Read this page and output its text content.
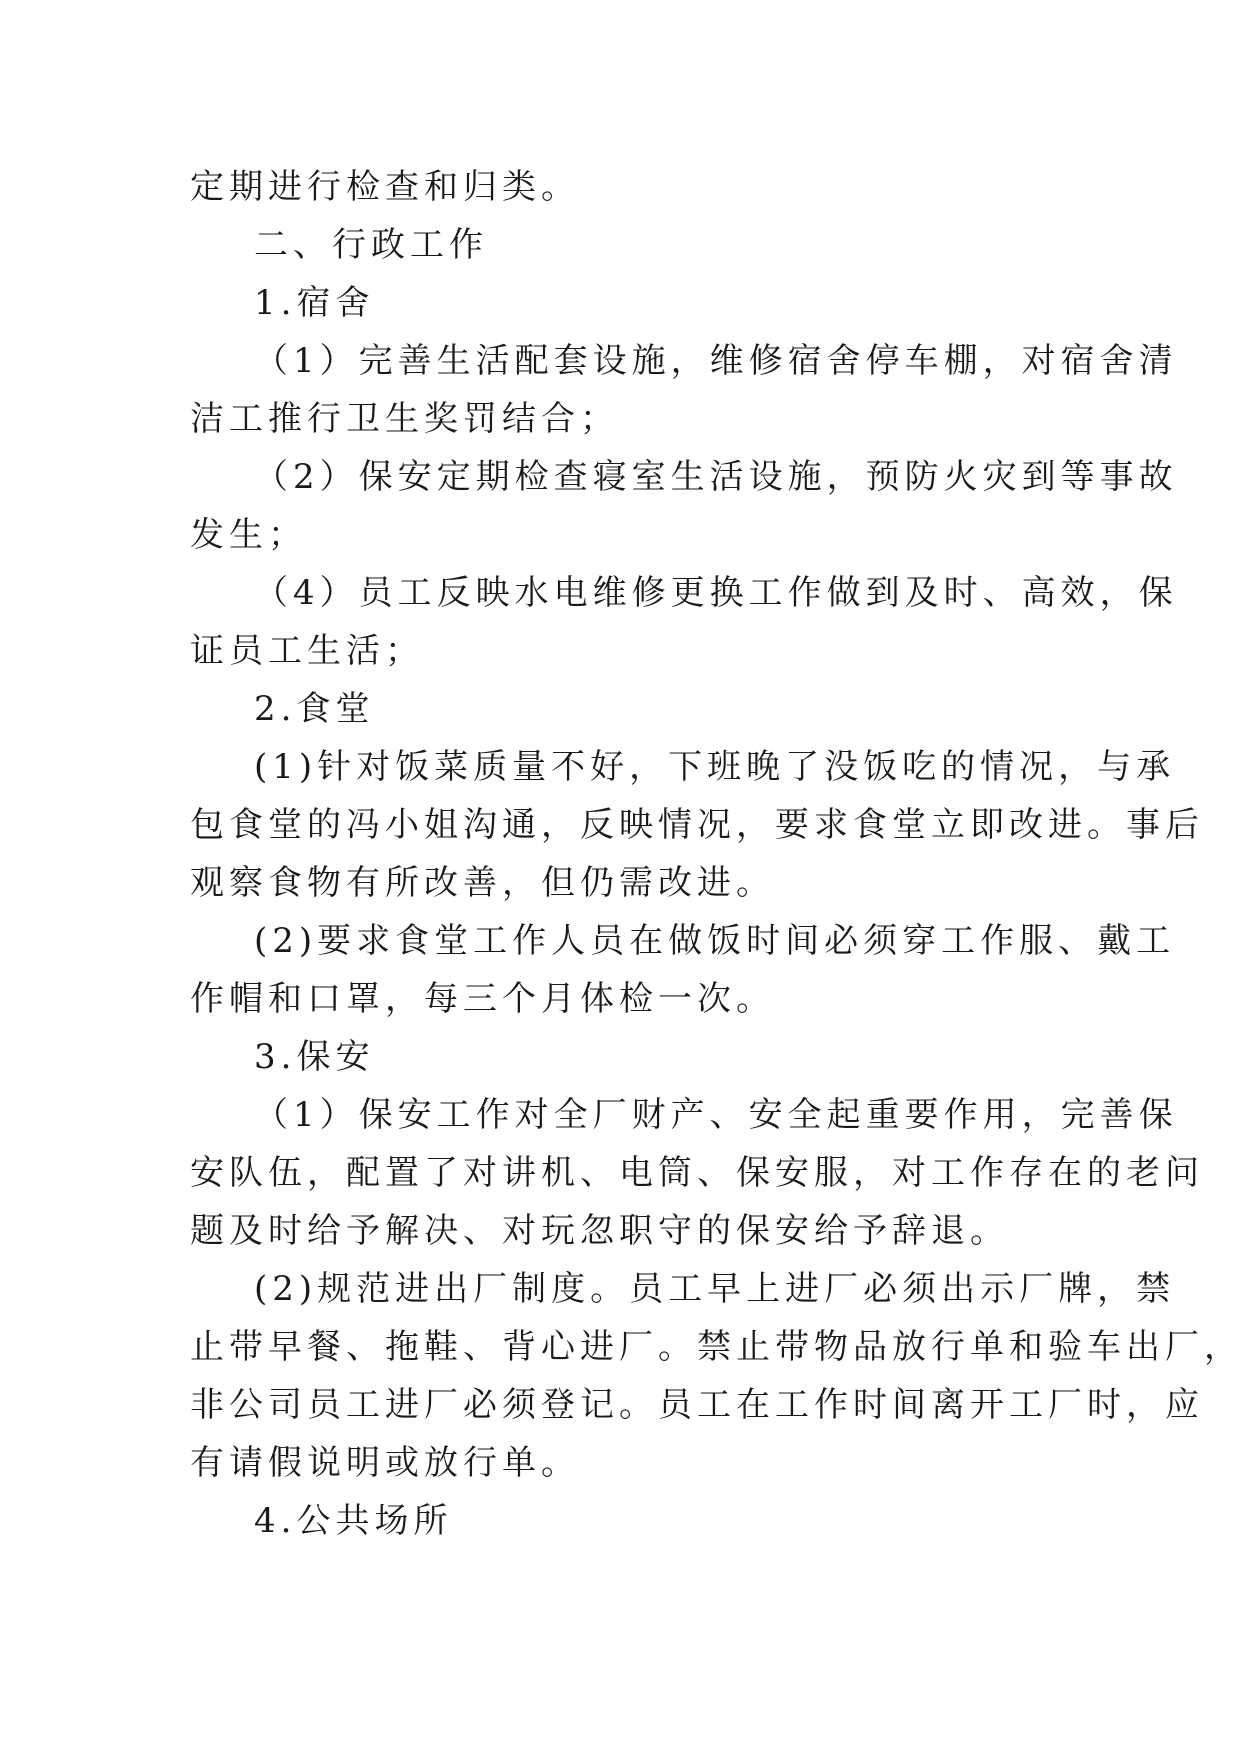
定期进行检查和归类。
二、行政工作
1.宿舍
（1）完善生活配套设施，维修宿舍停车棚，对宿舍清
洁工推行卫生奖罚结合；
（2）保安定期检查寝室生活设施，预防火灾到等事故
发生；
（4）员工反映水电维修更换工作做到及时、高效，保
证员工生活；
2.食堂
(1)针对饭菜质量不好，下班晚了没饭吃的情况，与承
包食堂的冯小姐沟通，反映情况，要求食堂立即改进。事后
观察食物有所改善，但仍需改进。
(2)要求食堂工作人员在做饭时间必须穿工作服、戴工
作帽和口罩，每三个月体检一次。
3.保安
（1）保安工作对全厂财产、安全起重要作用，完善保
安队伍，配置了对讲机、电筒、保安服，对工作存在的老问
题及时给予解决、对玩忽职守的保安给予辞退。
(2)规范进出厂制度。员工早上进厂必须出示厂牌，禁
止带早餐、拖鞋、背心进厂。禁止带物品放行单和验车出厂，
非公司员工进厂必须登记。员工在工作时间离开工厂时，应
有请假说明或放行单。
4.公共场所
